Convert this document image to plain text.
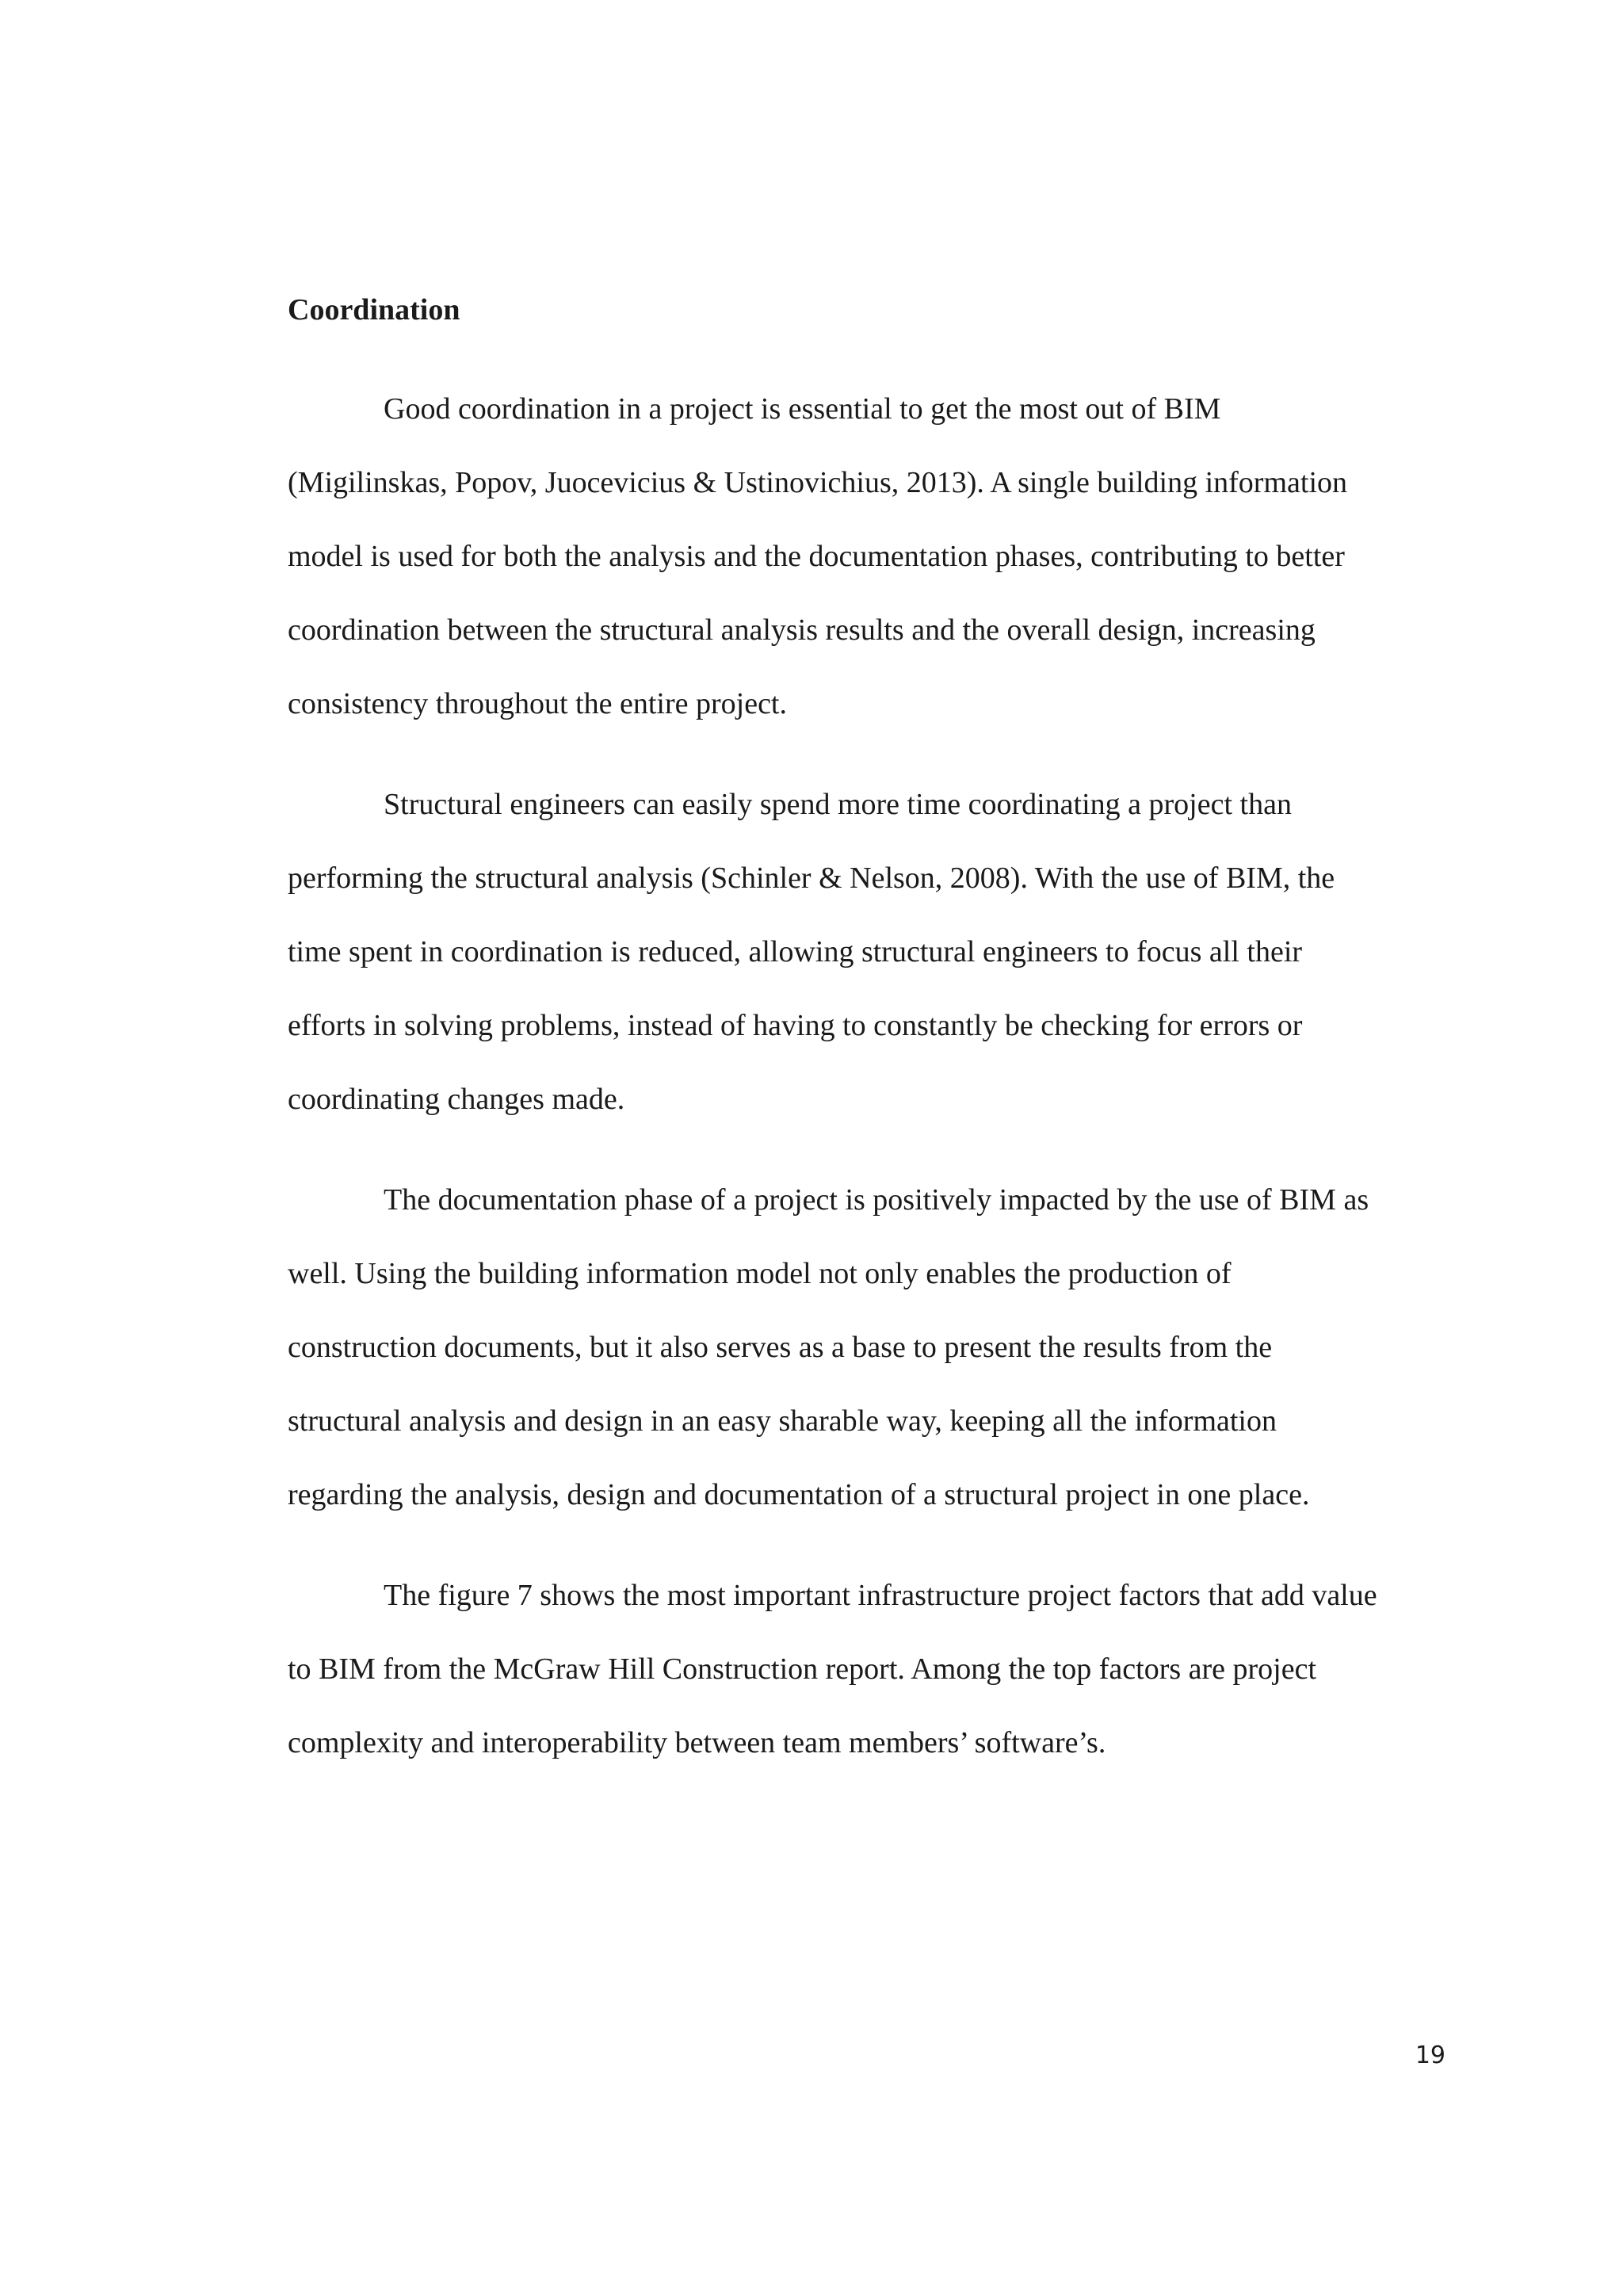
Coordination
Good coordination in a project is essential to get the most out of BIM
(Migilinskas, Popov, Juocevicius & Ustinovichius, 2013). A single building information
model is used for both the analysis and the documentation phases, contributing to better
coordination between the structural analysis results and the overall design, increasing
consistency throughout the entire project.
Structural engineers can easily spend more time coordinating a project than
performing the structural analysis (Schinler & Nelson, 2008). With the use of BIM, the
time spent in coordination is reduced, allowing structural engineers to focus all their
efforts in solving problems, instead of having to constantly be checking for errors or
coordinating changes made.
The documentation phase of a project is positively impacted by the use of BIM as
well. Using the building information model not only enables the production of
construction documents, but it also serves as a base to present the results from the
structural analysis and design in an easy sharable way, keeping all the information
regarding the analysis, design and documentation of a structural project in one place.
The figure 7 shows the most important infrastructure project factors that add value
to BIM from the McGraw Hill Construction report. Among the top factors are project
complexity and interoperability between team members’ software’s.
19
